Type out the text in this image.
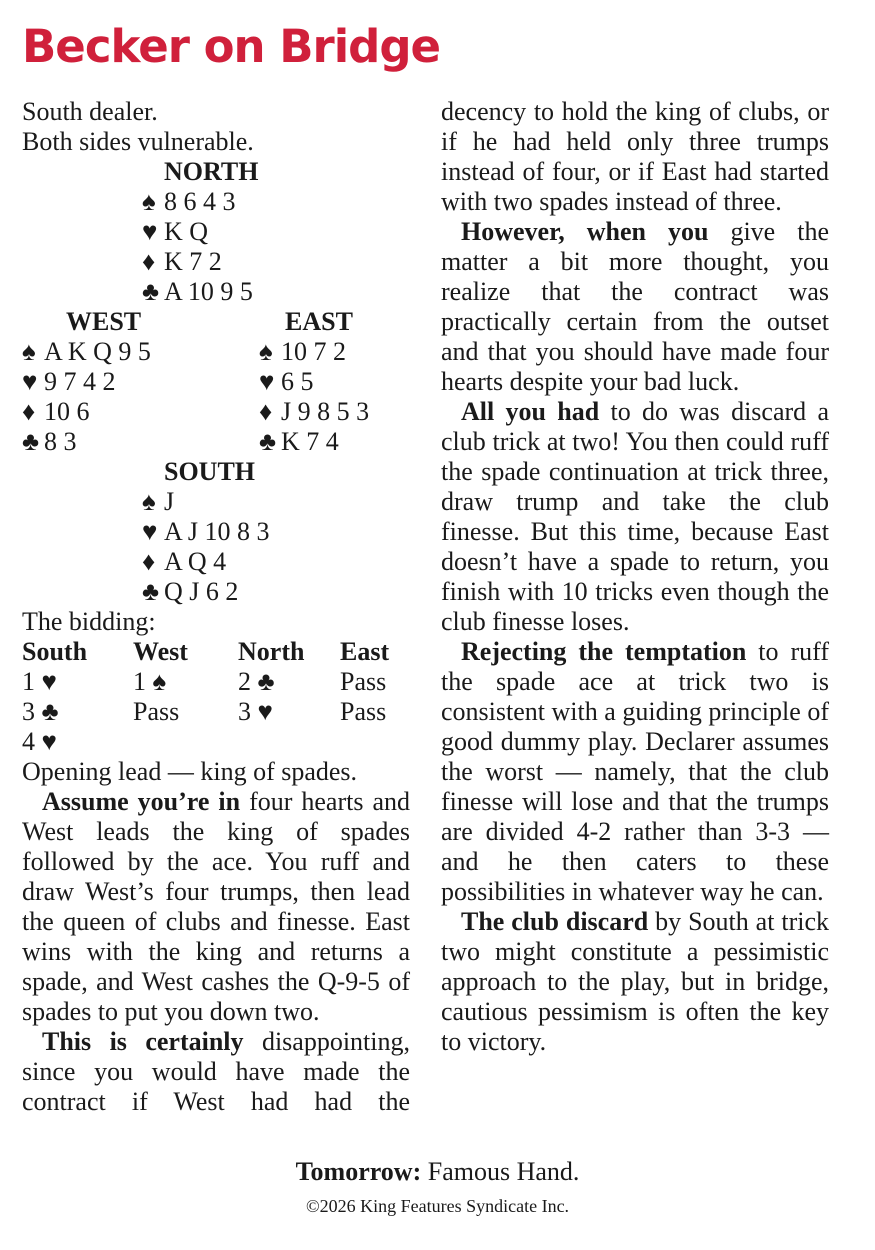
Becker on Bridge
South dealer.
Both sides vulnerable.
NORTH
♠ 8 6 4 3
♥ K Q
♦ K 7 2
♣ A 10 9 5
WEST
♠ A K Q 9 5
♥ 9 7 4 2
♦ 10 6
♣ 8 3
EAST
♠ 10 7 2
♥ 6 5
♦ J 9 8 5 3
♣ K 7 4
SOUTH
♠ J
♥ A J 10 8 3
♦ A Q 4
♣ Q J 6 2
The bidding:
South West North East
1 ♥	1 ♠	2 ♣	Pass
3 ♣	Pass 3 ♥	Pass
4 ♥
Opening lead — king of spades.

Assume you’re in four hearts and West leads the king of spades followed by the ace. You ruff and draw West’s four trumps, then lead the queen of clubs and finesse. East wins with the king and returns a spade, and West cashes the Q-9-5 of spades to put you down two.

This is certainly disappointing, since you would have made the contract if West had had the

decency to hold the king of clubs, or if he had held only three trumps instead of four, or if East had started with two spades instead of three.

However, when you give the matter a bit more thought, you realize that the contract was practically certain from the outset and that you should have made four hearts despite your bad luck.

All you had to do was discard a club trick at two! You then could ruff the spade continuation at trick three, draw trump and take the club finesse. But this time, because East doesn’t have a spade to return, you finish with 10 tricks even though the club finesse loses.

Rejecting the temptation to ruff the spade ace at trick two is consistent with a guiding principle of good dummy play. Declarer assumes the worst — namely, that the club finesse will lose and that the trumps are divided 4-2 rather than 3-3 — and he then caters to these possibilities in whatever way he can.

The club discard by South at trick two might constitute a pessimistic approach to the play, but in bridge, cautious pessimism is often the key to victory.

Tomorrow: Famous Hand.
©2026 King Features Syndicate Inc.
